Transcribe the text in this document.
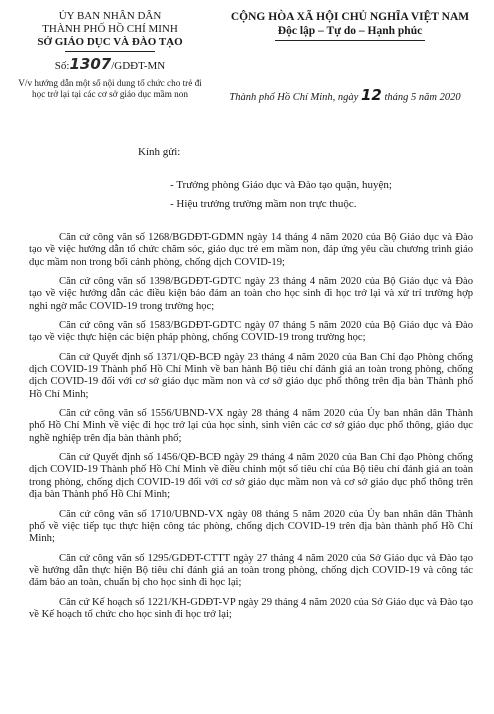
ỦY BAN NHÂN DÂN
THÀNH PHỐ HỒ CHÍ MINH
SỞ GIÁO DỤC VÀ ĐÀO TẠO
Số:1307/GDĐT-MN
V/v hướng dẫn một số nội dung tổ chức cho trẻ đi học trở lại tại các cơ sở giáo dục mầm non
CỘNG HÒA XÃ HỘI CHỦ NGHĨA VIỆT NAM
Độc lập – Tự do – Hạnh phúc
Thành phố Hồ Chí Minh, ngày 12 tháng 5 năm 2020
Kính gửi:
- Trưởng phòng Giáo dục và Đào tạo quận, huyện;
- Hiệu trưởng trường mầm non trực thuộc.

Căn cứ công văn số 1268/BGDĐT-GDMN ngày 14 tháng 4 năm 2020 của Bộ Giáo dục và Đào tạo về việc hướng dẫn tổ chức chăm sóc, giáo dục trẻ em mầm non, đáp ứng yêu cầu chương trình giáo dục mầm non trong bối cảnh phòng, chống dịch COVID-19;

Căn cứ công văn số 1398/BGDĐT-GDTC ngày 23 tháng 4 năm 2020 của Bộ Giáo dục và Đào tạo về việc hướng dẫn các điều kiện bảo đảm an toàn cho học sinh đi học trở lại và xử trí trường hợp nghi ngờ mắc COVID-19 trong trường học;

Căn cứ công văn số 1583/BGDĐT-GDTC ngày 07 tháng 5 năm 2020 của Bộ Giáo dục và Đào tạo về việc thực hiện các biện pháp phòng, chống COVID-19 trong trường học;

Căn cứ Quyết định số 1371/QĐ-BCĐ ngày 23 tháng 4 năm 2020 của Ban Chỉ đạo Phòng chống dịch COVID-19 Thành phố Hồ Chí Minh về ban hành Bộ tiêu chí đánh giá an toàn trong phòng, chống dịch COVID-19 đối với cơ sở giáo dục mầm non và cơ sở giáo dục phổ thông trên địa bàn Thành phố Hồ Chí Minh;

Căn cứ công văn số 1556/UBND-VX ngày 28 tháng 4 năm 2020 của Ủy ban nhân dân Thành phố Hồ Chí Minh về việc đi học trở lại của học sinh, sinh viên các cơ sở giáo dục phổ thông, giáo dục nghề nghiệp trên địa bàn thành phố;

Căn cứ Quyết định số 1456/QĐ-BCĐ ngày 29 tháng 4 năm 2020 của Ban Chỉ đạo Phòng chống dịch COVID-19 Thành phố Hồ Chí Minh về điều chỉnh một số tiêu chí của Bộ tiêu chí đánh giá an toàn trong phòng, chống dịch COVID-19 đối với cơ sở giáo dục mầm non và cơ sở giáo dục phổ thông trên địa bàn Thành phố Hồ Chí Minh;

Căn cứ công văn số 1710/UBND-VX ngày 08 tháng 5 năm 2020 của Ủy ban nhân dân Thành phố về việc tiếp tục thực hiện công tác phòng, chống dịch COVID-19 trên địa bàn thành phố Hồ Chí Minh;

Căn cứ công văn số 1295/GDĐT-CTTT ngày 27 tháng 4 năm 2020 của Sở Giáo dục và Đào tạo về hướng dẫn thực hiện Bộ tiêu chí đánh giá an toàn trong phòng, chống dịch COVID-19 và công tác đảm bảo an toàn, chuẩn bị cho học sinh đi học lại;

Căn cứ Kế hoạch số 1221/KH-GDĐT-VP ngày 29 tháng 4 năm 2020 của Sở Giáo dục và Đào tạo về Kế hoạch tổ chức cho học sinh đi học trở lại;
